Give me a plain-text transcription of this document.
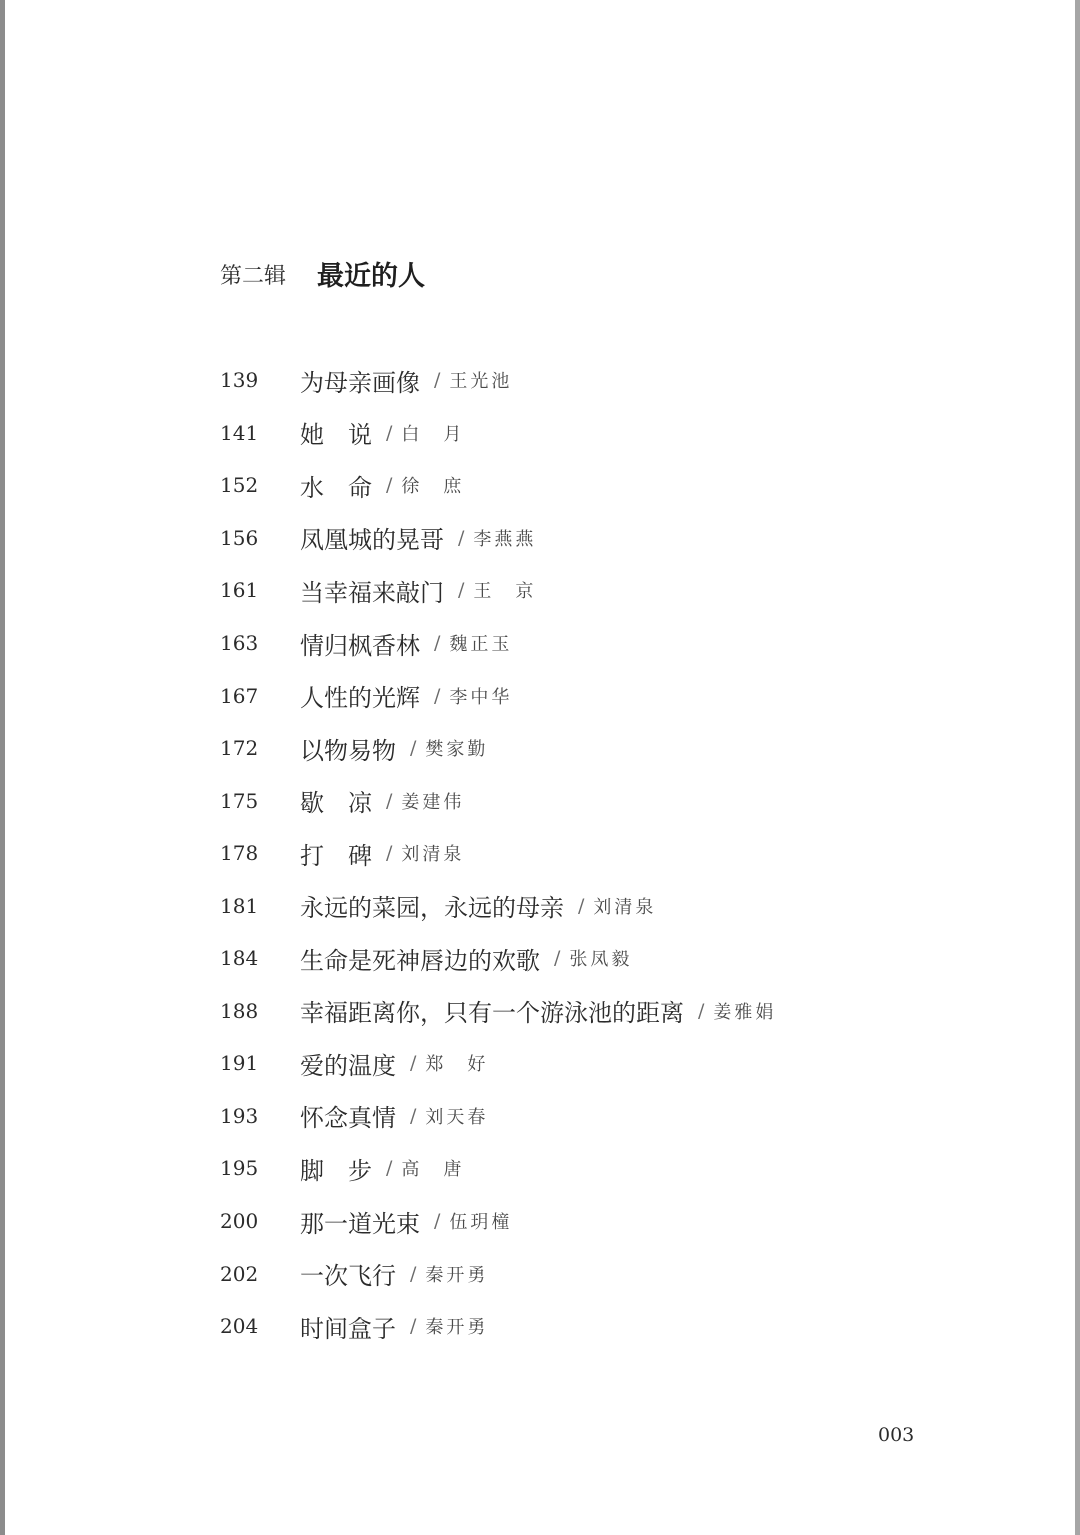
第二辑 最近的人
139	为母亲画像 / 王光池
141	她　说 / 白　月
152	水　命 / 徐　庶
156	凤凰城的晃哥 / 李燕燕
161	当幸福来敲门 / 王　京
163	情归枫香林 / 魏正玉
167	人性的光辉 / 李中华
172	以物易物 / 樊家勤
175	歇　凉 / 姜建伟
178	打　碑 / 刘清泉
181	永远的菜园，永远的母亲 / 刘清泉
184	生命是死神唇边的欢歌 / 张凤毅
188	幸福距离你，只有一个游泳池的距离 / 姜雅娟
191	爱的温度 / 郑　好
193	怀念真情 / 刘天春
195	脚　步 / 高　唐
200	那一道光束 / 伍玥橦
202	一次飞行 / 秦开勇
204	时间盒子 / 秦开勇
003
